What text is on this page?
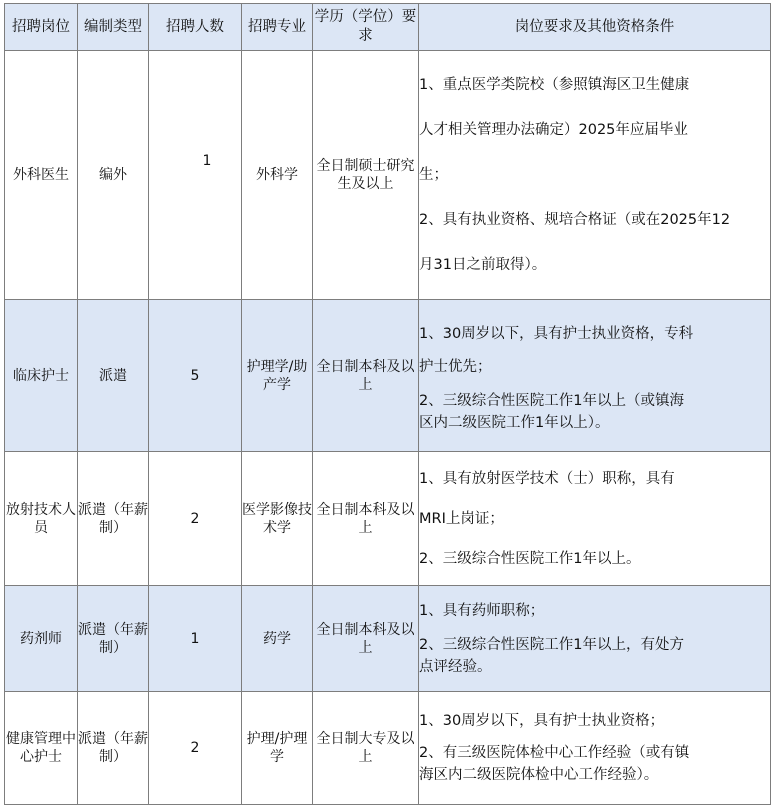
招聘岗位	编制类型	招聘人数	招聘专业	学历（学位）要求	岗位要求及其他资格条件
外科医生	编外	1	外科学	全日制硕士研究生及以上	1、重点医学类院校（参照镇海区卫生健康

人才相关管理办法确定）2025年应届毕业

生；

2、具有执业资格、规培合格证（或在2025年12

月31日之前取得）。

临床护士	派遣	5	护理学/助产学	全日制本科及以上	1、30周岁以下，具有护士执业资格，专科

护士优先；

2、三级综合性医院工作1年以上（或镇海

区内二级医院工作1年以上）。

放射技术人员	派遣（年薪制）	2	医学影像技术学	全日制本科及以上	1、具有放射医学技术（士）职称，具有

MRI上岗证；

2、三级综合性医院工作1年以上。

药剂师	派遣（年薪制）	1	药学	全日制本科及以上	1、具有药师职称；

2、三级综合性医院工作1年以上，有处方

点评经验。

健康管理中心护士	派遣（年薪制）	2	护理/护理学	全日制大专及以上	1、30周岁以下，具有护士执业资格；

2、有三级医院体检中心工作经验（或有镇

海区内二级医院体检中心工作经验）。
